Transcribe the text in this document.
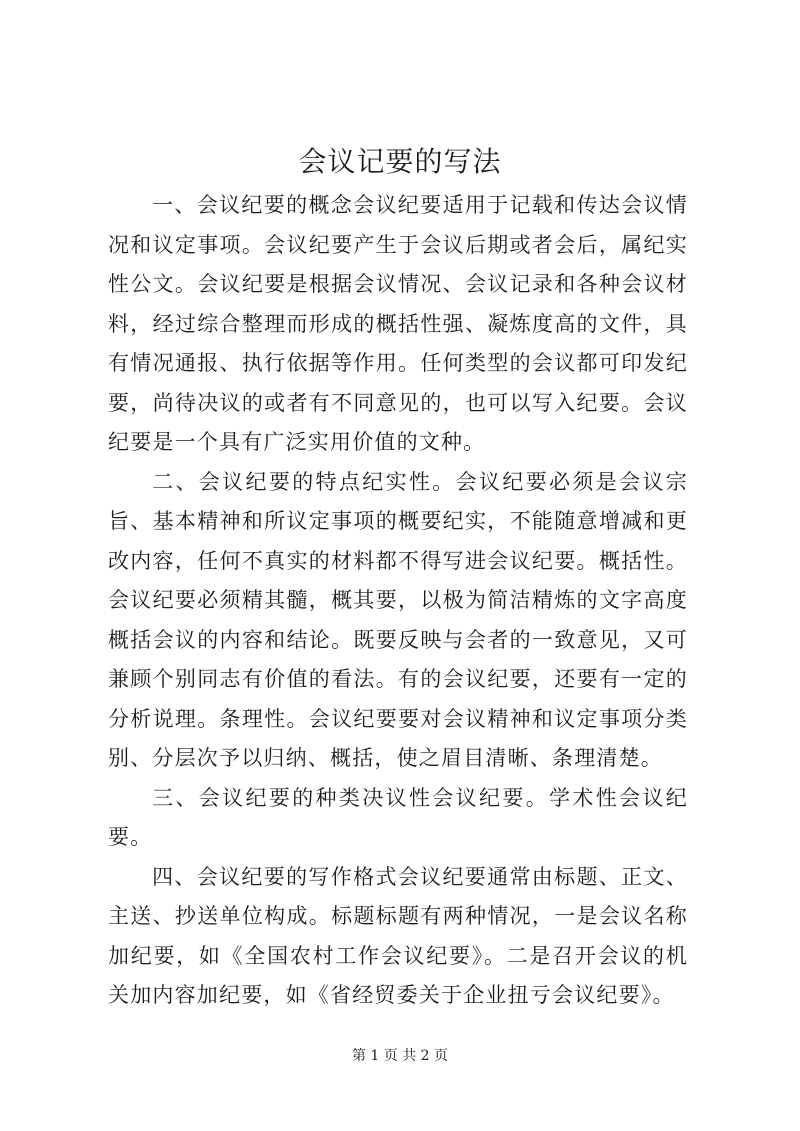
会议记要的写法

一、会议纪要的概念会议纪要适用于记载和传达会议情况和议定事项。会议纪要产生于会议后期或者会后，属纪实性公文。会议纪要是根据会议情况、会议记录和各种会议材料，经过综合整理而形成的概括性强、凝炼度高的文件，具有情况通报、执行依据等作用。任何类型的会议都可印发纪要，尚待决议的或者有不同意见的，也可以写入纪要。会议纪要是一个具有广泛实用价值的文种。

二、会议纪要的特点纪实性。会议纪要必须是会议宗旨、基本精神和所议定事项的概要纪实，不能随意增减和更改内容，任何不真实的材料都不得写进会议纪要。概括性。会议纪要必须精其髓，概其要，以极为简洁精炼的文字高度概括会议的内容和结论。既要反映与会者的一致意见，又可兼顾个别同志有价值的看法。有的会议纪要，还要有一定的分析说理。条理性。会议纪要要对会议精神和议定事项分类别、分层次予以归纳、概括，使之眉目清晰、条理清楚。

三、会议纪要的种类决议性会议纪要。学术性会议纪要。

四、会议纪要的写作格式会议纪要通常由标题、正文、主送、抄送单位构成。标题标题有两种情况，一是会议名称加纪要，如《全国农村工作会议纪要》。二是召开会议的机关加内容加纪要，如《省经贸委关于企业扭亏会议纪要》。

第 1 页 共 2 页
